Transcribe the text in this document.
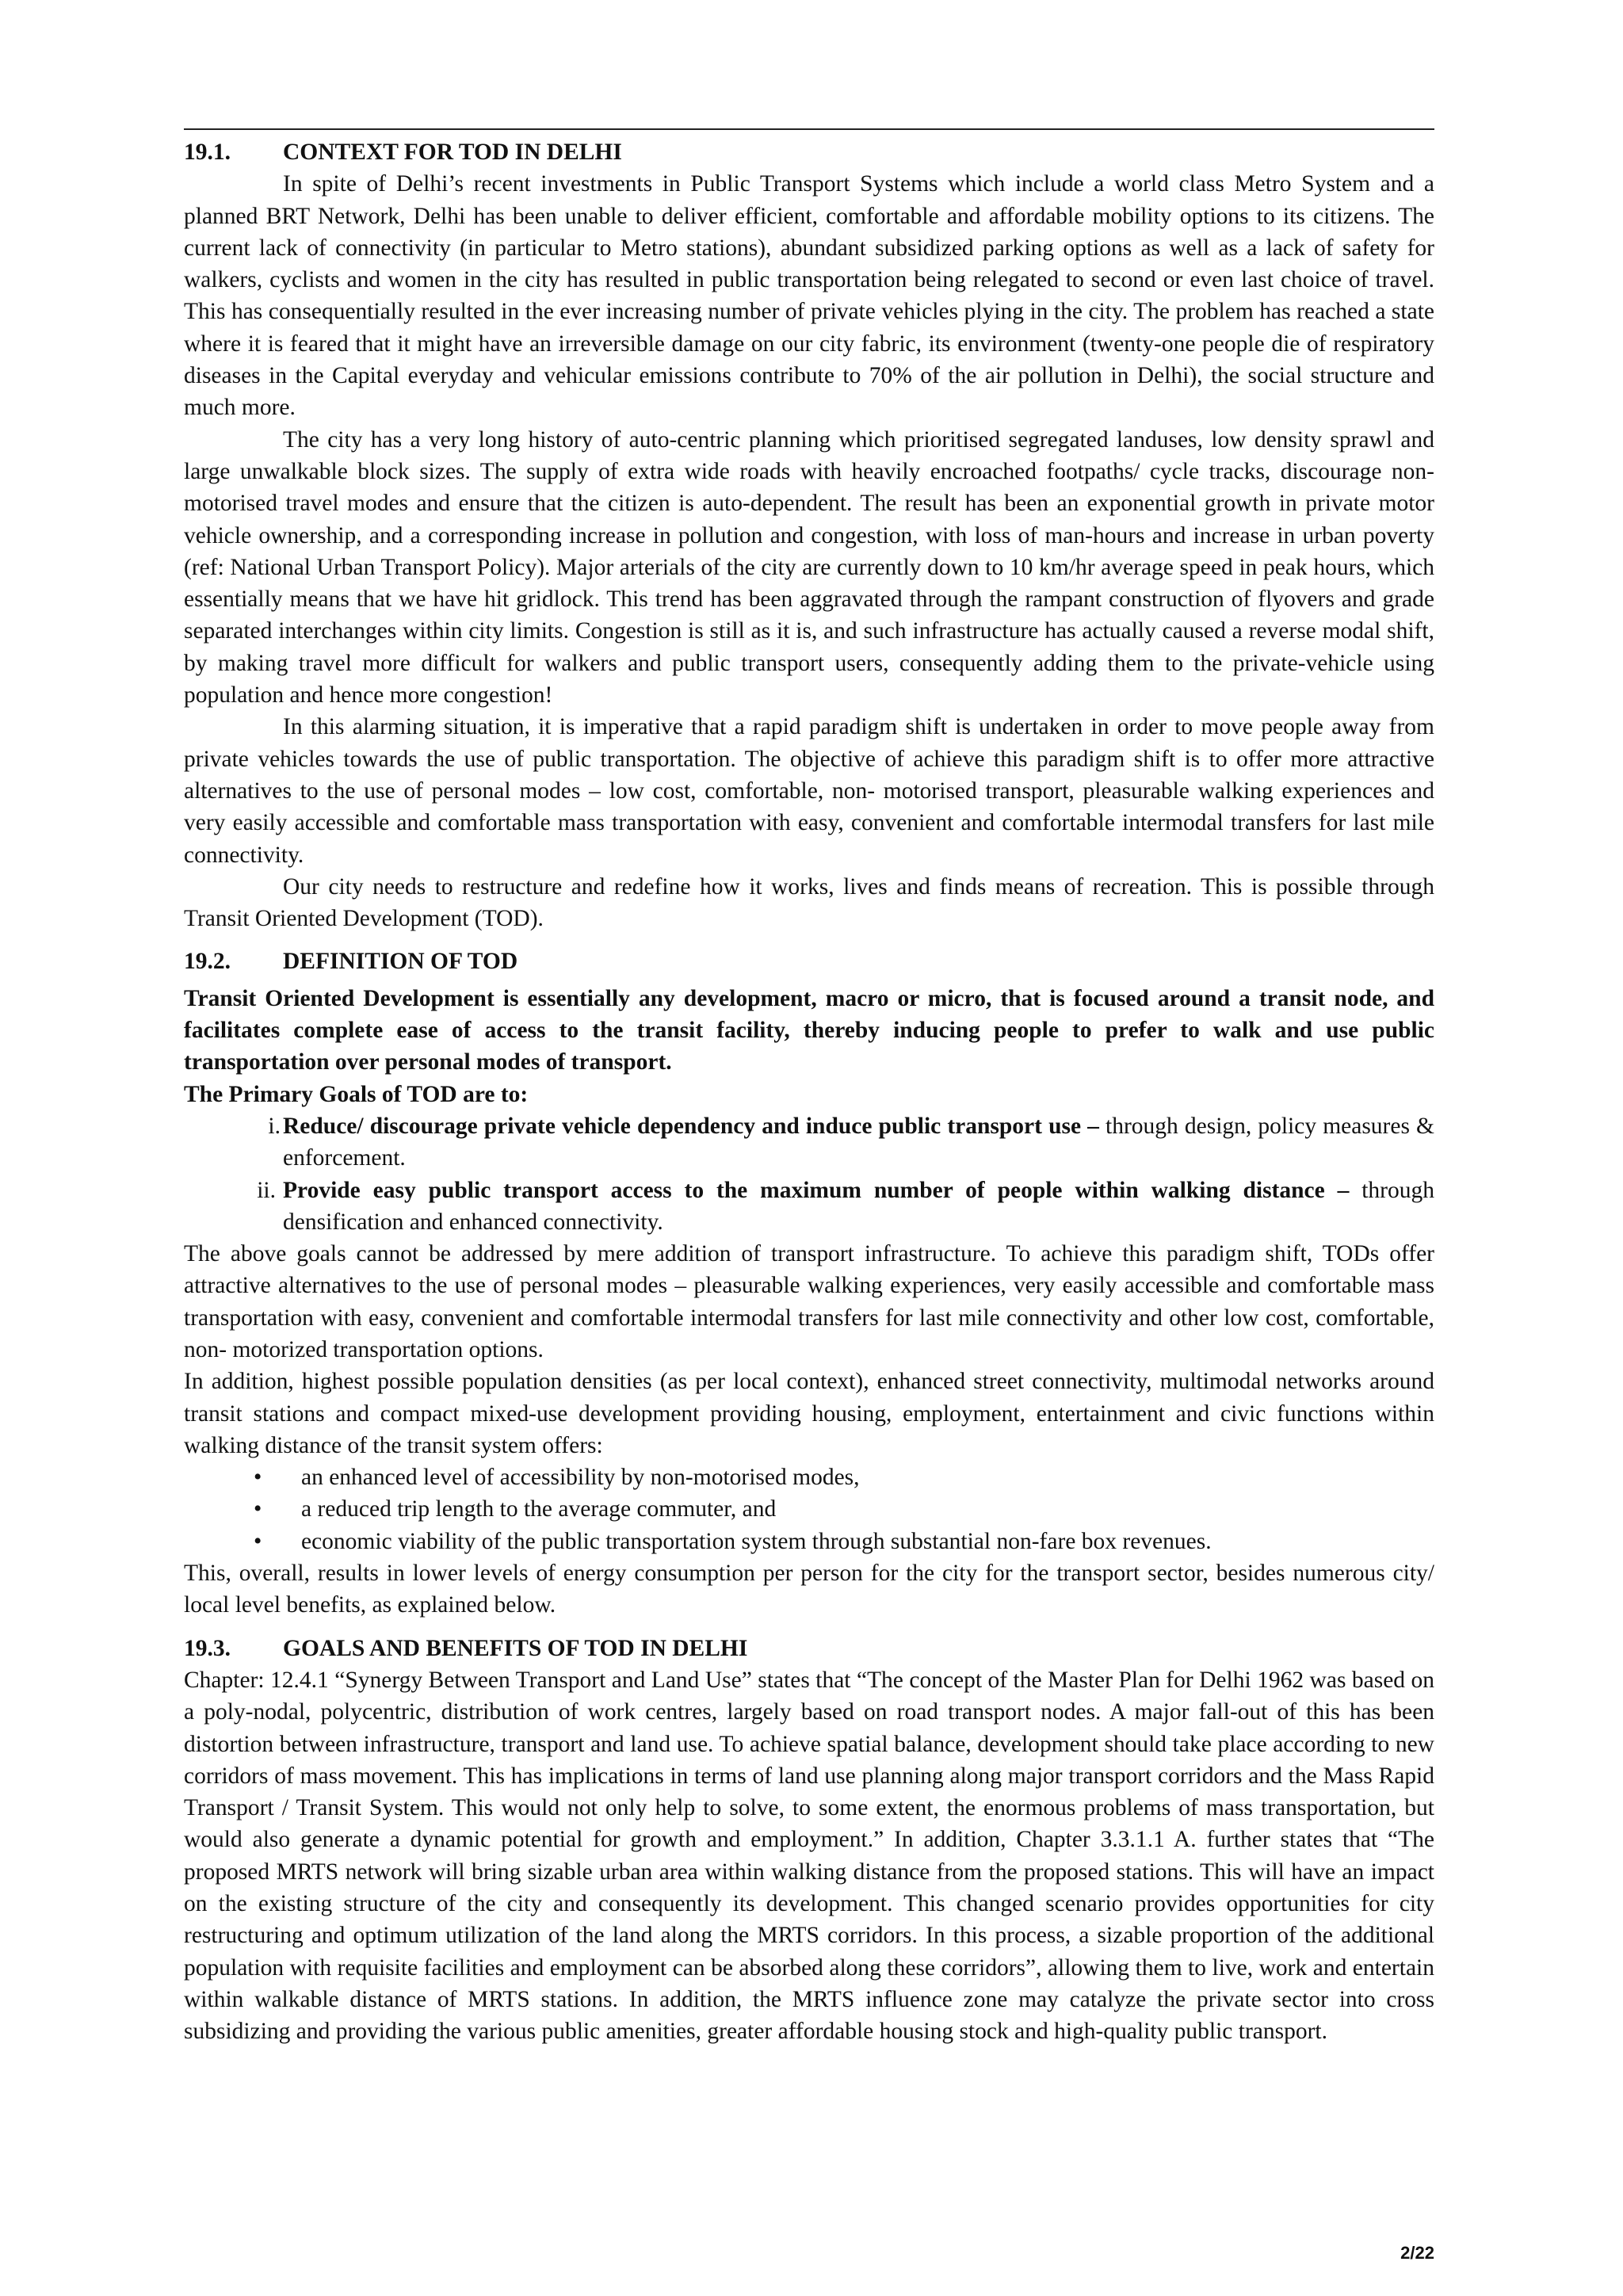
19.1. CONTEXT FOR TOD IN DELHI

In spite of Delhi’s recent investments in Public Transport Systems which include a world class Metro System and a planned BRT Network, Delhi has been unable to deliver efficient, comfortable and affordable mobility options to its citizens. The current lack of connectivity (in particular to Metro stations), abundant subsidized parking options as well as a lack of safety for walkers, cyclists and women in the city has resulted in public transportation being relegated to second or even last choice of travel. This has consequentially resulted in the ever increasing number of private vehicles plying in the city. The problem has reached a state where it is feared that it might have an irreversible damage on our city fabric, its environment (twenty-one people die of respiratory diseases in the Capital everyday and vehicular emissions contribute to 70% of the air pollution in Delhi), the social structure and much more.

The city has a very long history of auto-centric planning which prioritised segregated landuses, low density sprawl and large unwalkable block sizes. The supply of extra wide roads with heavily encroached footpaths/ cycle tracks, discourage non- motorised travel modes and ensure that the citizen is auto-dependent. The result has been an exponential growth in private motor vehicle ownership, and a corresponding increase in pollution and congestion, with loss of man-hours and increase in urban poverty (ref: National Urban Transport Policy). Major arterials of the city are currently down to 10 km/hr average speed in peak hours, which essentially means that we have hit gridlock. This trend has been aggravated through the rampant construction of flyovers and grade separated interchanges within city limits. Congestion is still as it is, and such infrastructure has actually caused a reverse modal shift, by making travel more difficult for walkers and public transport users, consequently adding them to the private-vehicle using population and hence more congestion!

In this alarming situation, it is imperative that a rapid paradigm shift is undertaken in order to move people away from private vehicles towards the use of public transportation. The objective of achieve this paradigm shift is to offer more attractive alternatives to the use of personal modes – low cost, comfortable, non- motorised transport, pleasurable walking experiences and very easily accessible and comfortable mass transportation with easy, convenient and comfortable intermodal transfers for last mile connectivity.

Our city needs to restructure and redefine how it works, lives and finds means of recreation. This is possible through Transit Oriented Development (TOD).

19.2. DEFINITION OF TOD

Transit Oriented Development is essentially any development, macro or micro, that is focused around a transit node, and facilitates complete ease of access to the transit facility, thereby inducing people to prefer to walk and use public transportation over personal modes of transport.

The Primary Goals of TOD are to:

i. Reduce/ discourage private vehicle dependency and induce public transport use – through design, policy measures & enforcement.
ii. Provide easy public transport access to the maximum number of people within walking distance – through densification and enhanced connectivity.

The above goals cannot be addressed by mere addition of transport infrastructure. To achieve this paradigm shift, TODs offer attractive alternatives to the use of personal modes – pleasurable walking experiences, very easily accessible and comfortable mass transportation with easy, convenient and comfortable intermodal transfers for last mile connectivity and other low cost, comfortable, non- motorized transportation options.

In addition, highest possible population densities (as per local context), enhanced street connectivity, multimodal networks around transit stations and compact mixed-use development providing housing, employment, entertainment and civic functions within walking distance of the transit system offers:

• an enhanced level of accessibility by non-motorised modes,
• a reduced trip length to the average commuter, and
• economic viability of the public transportation system through substantial non-fare box revenues.

This, overall, results in lower levels of energy consumption per person for the city for the transport sector, besides numerous city/ local level benefits, as explained below.

19.3. GOALS AND BENEFITS OF TOD IN DELHI

Chapter: 12.4.1 “Synergy Between Transport and Land Use” states that “The concept of the Master Plan for Delhi 1962 was based on a poly-nodal, polycentric, distribution of work centres, largely based on road transport nodes. A major fall-out of this has been distortion between infrastructure, transport and land use. To achieve spatial balance, development should take place according to new corridors of mass movement. This has implications in terms of land use planning along major transport corridors and the Mass Rapid Transport / Transit System. This would not only help to solve, to some extent, the enormous problems of mass transportation, but would also generate a dynamic potential for growth and employment.” In addition, Chapter 3.3.1.1 A. further states that “The proposed MRTS network will bring sizable urban area within walking distance from the proposed stations. This will have an impact on the existing structure of the city and consequently its development. This changed scenario provides opportunities for city restructuring and optimum utilization of the land along the MRTS corridors. In this process, a sizable proportion of the additional population with requisite facilities and employment can be absorbed along these corridors”, allowing them to live, work and entertain within walkable distance of MRTS stations. In addition, the MRTS influence zone may catalyze the private sector into cross subsidizing and providing the various public amenities, greater affordable housing stock and high-quality public transport.

2/22
